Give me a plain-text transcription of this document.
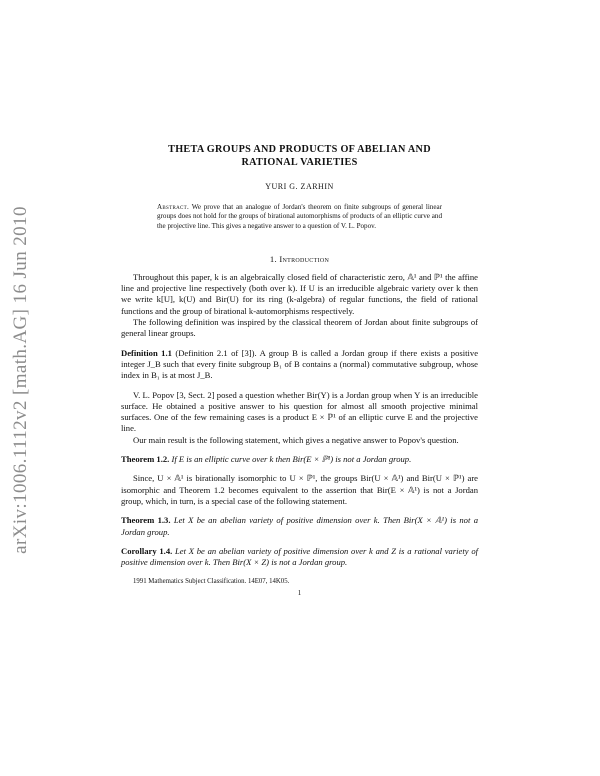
arXiv:1006.1112v2 [math.AG] 16 Jun 2010
THETA GROUPS AND PRODUCTS OF ABELIAN AND
RATIONAL VARIETIES
YURI G. ZARHIN
Abstract. We prove that an analogue of Jordan's theorem on finite subgroups of general linear groups does not hold for the groups of birational automorphisms of products of an elliptic curve and the projective line. This gives a negative answer to a question of V. L. Popov.
1. Introduction

Throughout this paper, k is an algebraically closed field of characteristic zero, 𝔸¹ and ℙ¹ the affine line and projective line respectively (both over k). If U is an irreducible algebraic variety over k then we write k[U], k(U) and Bir(U) for its ring (k-algebra) of regular functions, the field of rational functions and the group of birational k-automorphisms respectively.

The following definition was inspired by the classical theorem of Jordan about finite subgroups of general linear groups.

Definition 1.1 (Definition 2.1 of [3]). A group B is called a Jordan group if there exists a positive integer J_B such that every finite subgroup B₁ of B contains a (normal) commutative subgroup, whose index in B₁ is at most J_B.

V. L. Popov [3, Sect. 2] posed a question whether Bir(Y) is a Jordan group when Y is an irreducible surface. He obtained a positive answer to his question for almost all smooth projective minimal surfaces. One of the few remaining cases is a product E × ℙ¹ of an elliptic curve E and the projective line.

Our main result is the following statement, which gives a negative answer to Popov's question.

Theorem 1.2. If E is an elliptic curve over k then Bir(E × ℙ¹) is not a Jordan group.

Since, U × 𝔸¹ is birationally isomorphic to U × ℙ¹, the groups Bir(U × 𝔸¹) and Bir(U × ℙ¹) are isomorphic and Theorem 1.2 becomes equivalent to the assertion that Bir(E × 𝔸¹) is not a Jordan group, which, in turn, is a special case of the following statement.

Theorem 1.3. Let X be an abelian variety of positive dimension over k. Then Bir(X × 𝔸¹) is not a Jordan group.

Corollary 1.4. Let X be an abelian variety of positive dimension over k and Z is a rational variety of positive dimension over k. Then Bir(X × Z) is not a Jordan group.

1991 Mathematics Subject Classification. 14E07, 14K05.
1
